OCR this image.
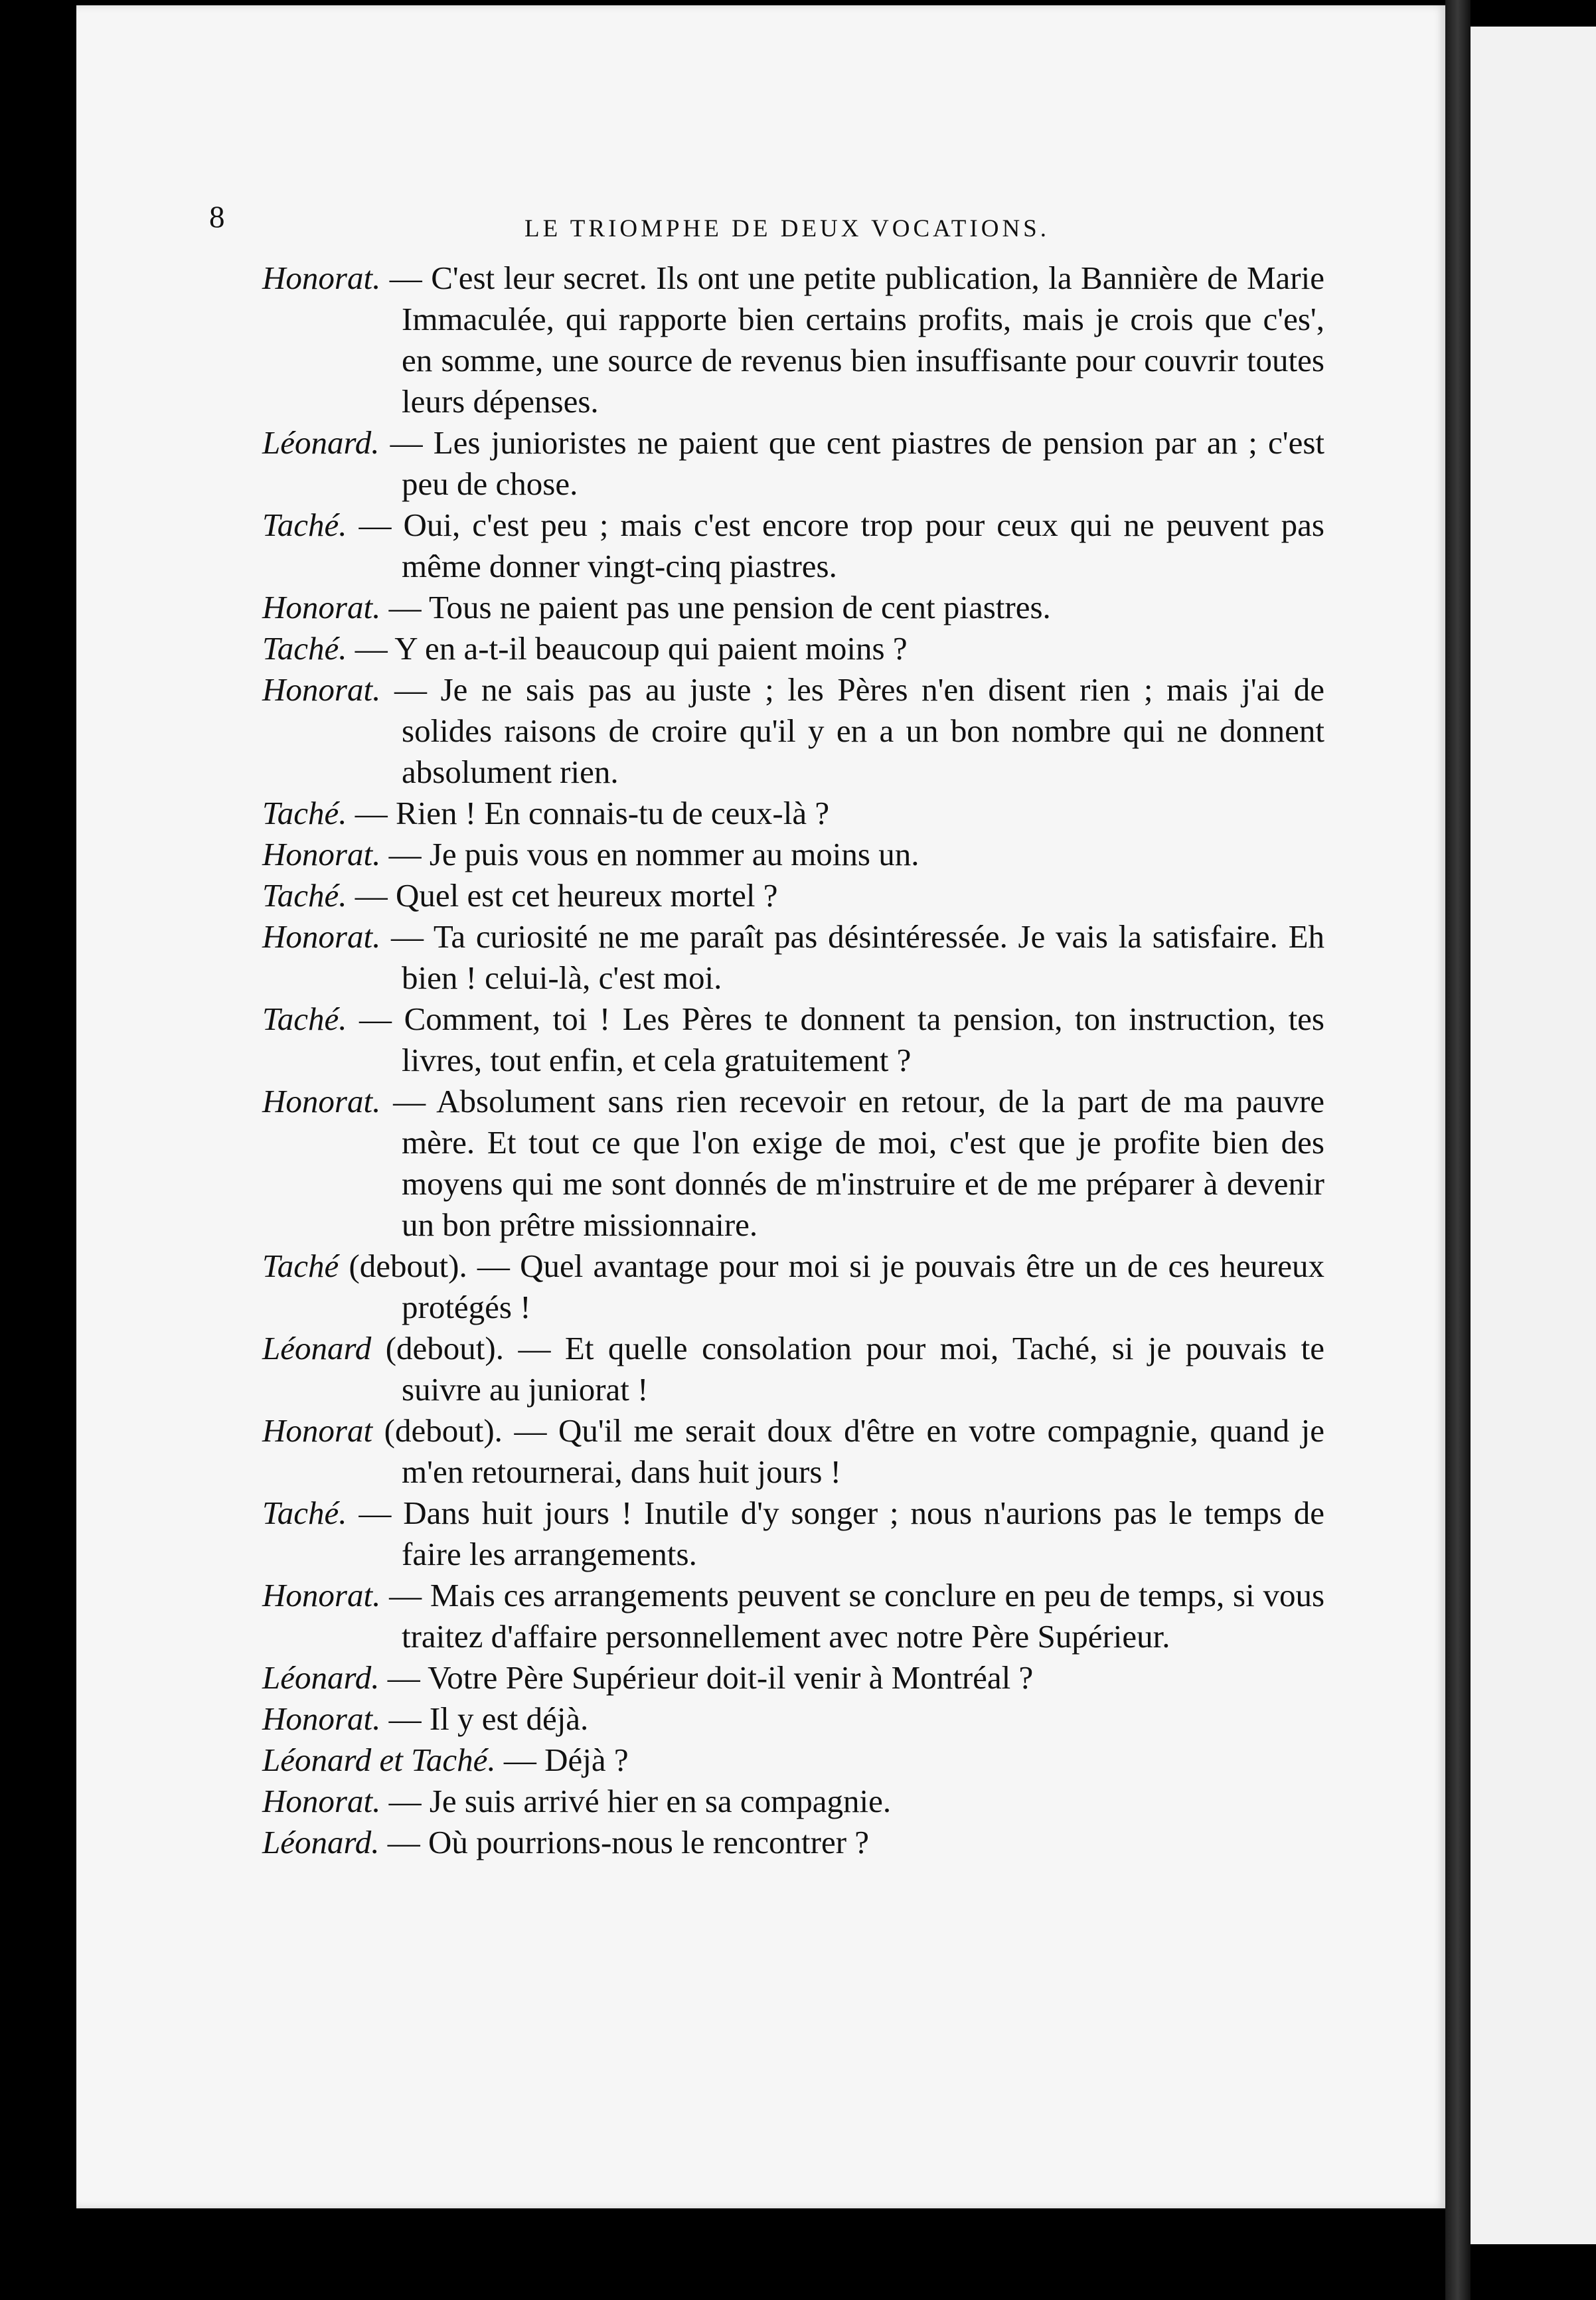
8	LE TRIOMPHE DE DEUX VOCATIONS.

Honorat. — C'est leur secret. Ils ont une petite publication, la Bannière de Marie Immaculée, qui rapporte bien certains profits, mais je crois que c'es', en somme, une source de revenus bien insuffisante pour couvrir toutes leurs dépenses.

Léonard. — Les junioristes ne paient que cent piastres de pension par an ; c'est peu de chose.

Taché. — Oui, c'est peu ; mais c'est encore trop pour ceux qui ne peuvent pas même donner vingt-cinq piastres.

Honorat. — Tous ne paient pas une pension de cent piastres.

Taché. — Y en a-t-il beaucoup qui paient moins ?

Honorat. — Je ne sais pas au juste ; les Pères n'en disent rien ; mais j'ai de solides raisons de croire qu'il y en a un bon nombre qui ne donnent absolument rien.

Taché. — Rien ! En connais-tu de ceux-là ?

Honorat. — Je puis vous en nommer au moins un.

Taché. — Quel est cet heureux mortel ?

Honorat. — Ta curiosité ne me paraît pas désintéressée. Je vais la satisfaire. Eh bien ! celui-là, c'est moi.

Taché. — Comment, toi ! Les Pères te donnent ta pension, ton instruction, tes livres, tout enfin, et cela gratuitement ?

Honorat. — Absolument sans rien recevoir en retour, de la part de ma pauvre mère. Et tout ce que l'on exige de moi, c'est que je profite bien des moyens qui me sont donnés de m'instruire et de me préparer à devenir un bon prêtre missionnaire.

Taché (debout). — Quel avantage pour moi si je pouvais être un de ces heureux protégés !

Léonard (debout). — Et quelle consolation pour moi, Taché, si je pouvais te suivre au juniorat !

Honorat (debout). — Qu'il me serait doux d'être en votre compagnie, quand je m'en retournerai, dans huit jours !

Taché. — Dans huit jours ! Inutile d'y songer ; nous n'aurions pas le temps de faire les arrangements.

Honorat. — Mais ces arrangements peuvent se conclure en peu de temps, si vous traitez d'affaire personnellement avec notre Père Supérieur.

Léonard. — Votre Père Supérieur doit-il venir à Montréal ?

Honorat. — Il y est déjà.

Léonard et Taché. — Déjà ?

Honorat. — Je suis arrivé hier en sa compagnie.

Léonard. — Où pourrions-nous le rencontrer ?
